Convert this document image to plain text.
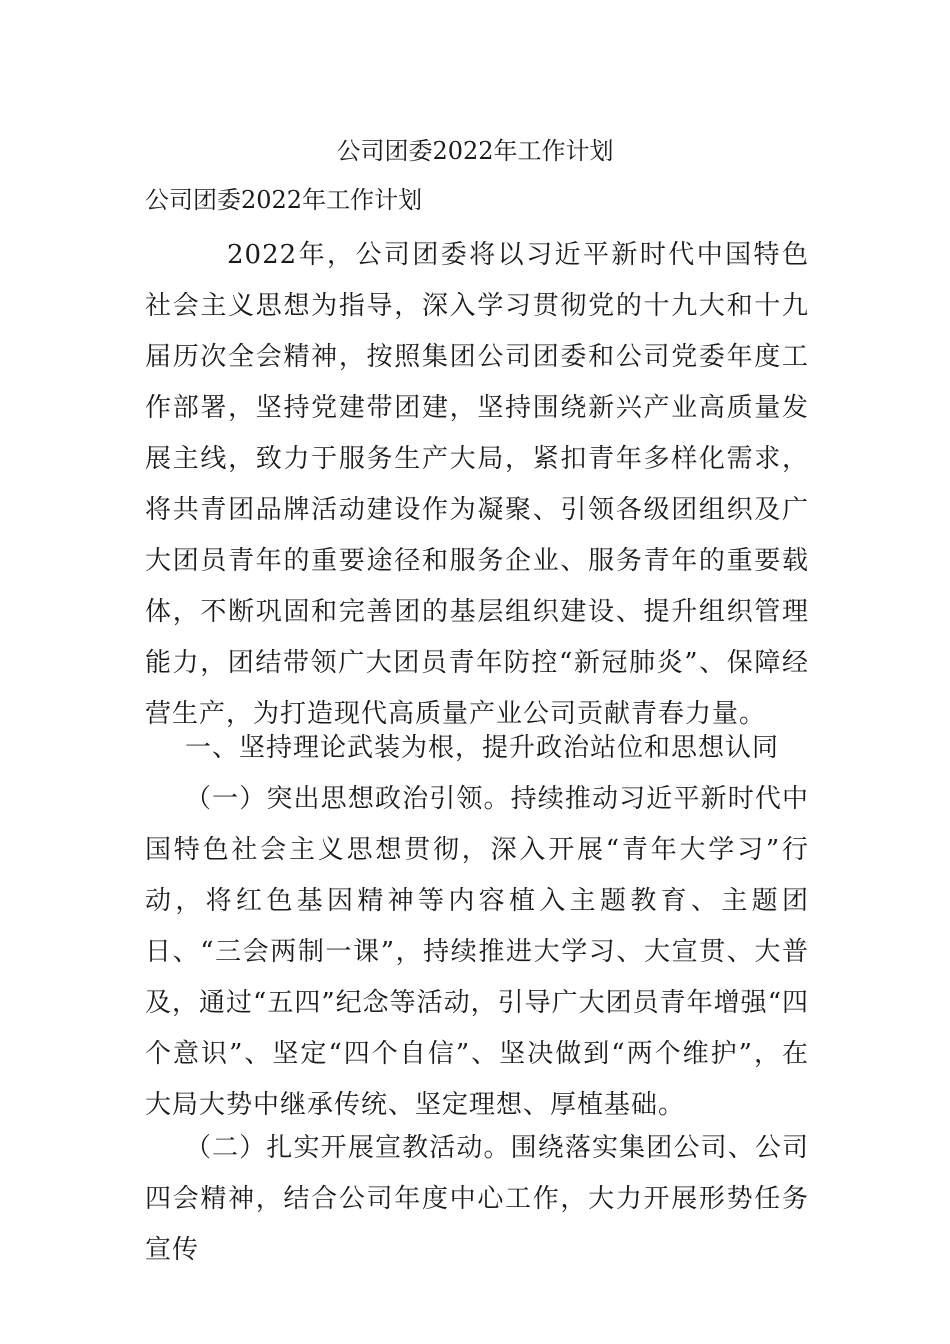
公司团委2022年工作计划
公司团委2022年工作计划

2022年，公司团委将以习近平新时代中国特色社会主义思想为指导，深入学习贯彻党的十九大和十九届历次全会精神，按照集团公司团委和公司党委年度工作部署，坚持党建带团建，坚持围绕新兴产业高质量发展主线，致力于服务生产大局，紧扣青年多样化需求，将共青团品牌活动建设作为凝聚、引领各级团组织及广大团员青年的重要途径和服务企业、服务青年的重要载体，不断巩固和完善团的基层组织建设、提升组织管理能力，团结带领广大团员青年防控“新冠肺炎”、保障经营生产，为打造现代高质量产业公司贡献青春力量。

一、坚持理论武装为根，提升政治站位和思想认同

（一）突出思想政治引领。持续推动习近平新时代中国特色社会主义思想贯彻，深入开展“青年大学习”行动，将红色基因精神等内容植入主题教育、主题团日、“三会两制一课”，持续推进大学习、大宣贯、大普及，通过“五四”纪念等活动，引导广大团员青年增强“四个意识”、坚定“四个自信”、坚决做到“两个维护”，在大局大势中继承传统、坚定理想、厚植基础。

（二）扎实开展宣教活动。围绕落实集团公司、公司四会精神，结合公司年度中心工作，大力开展形势任务宣传
